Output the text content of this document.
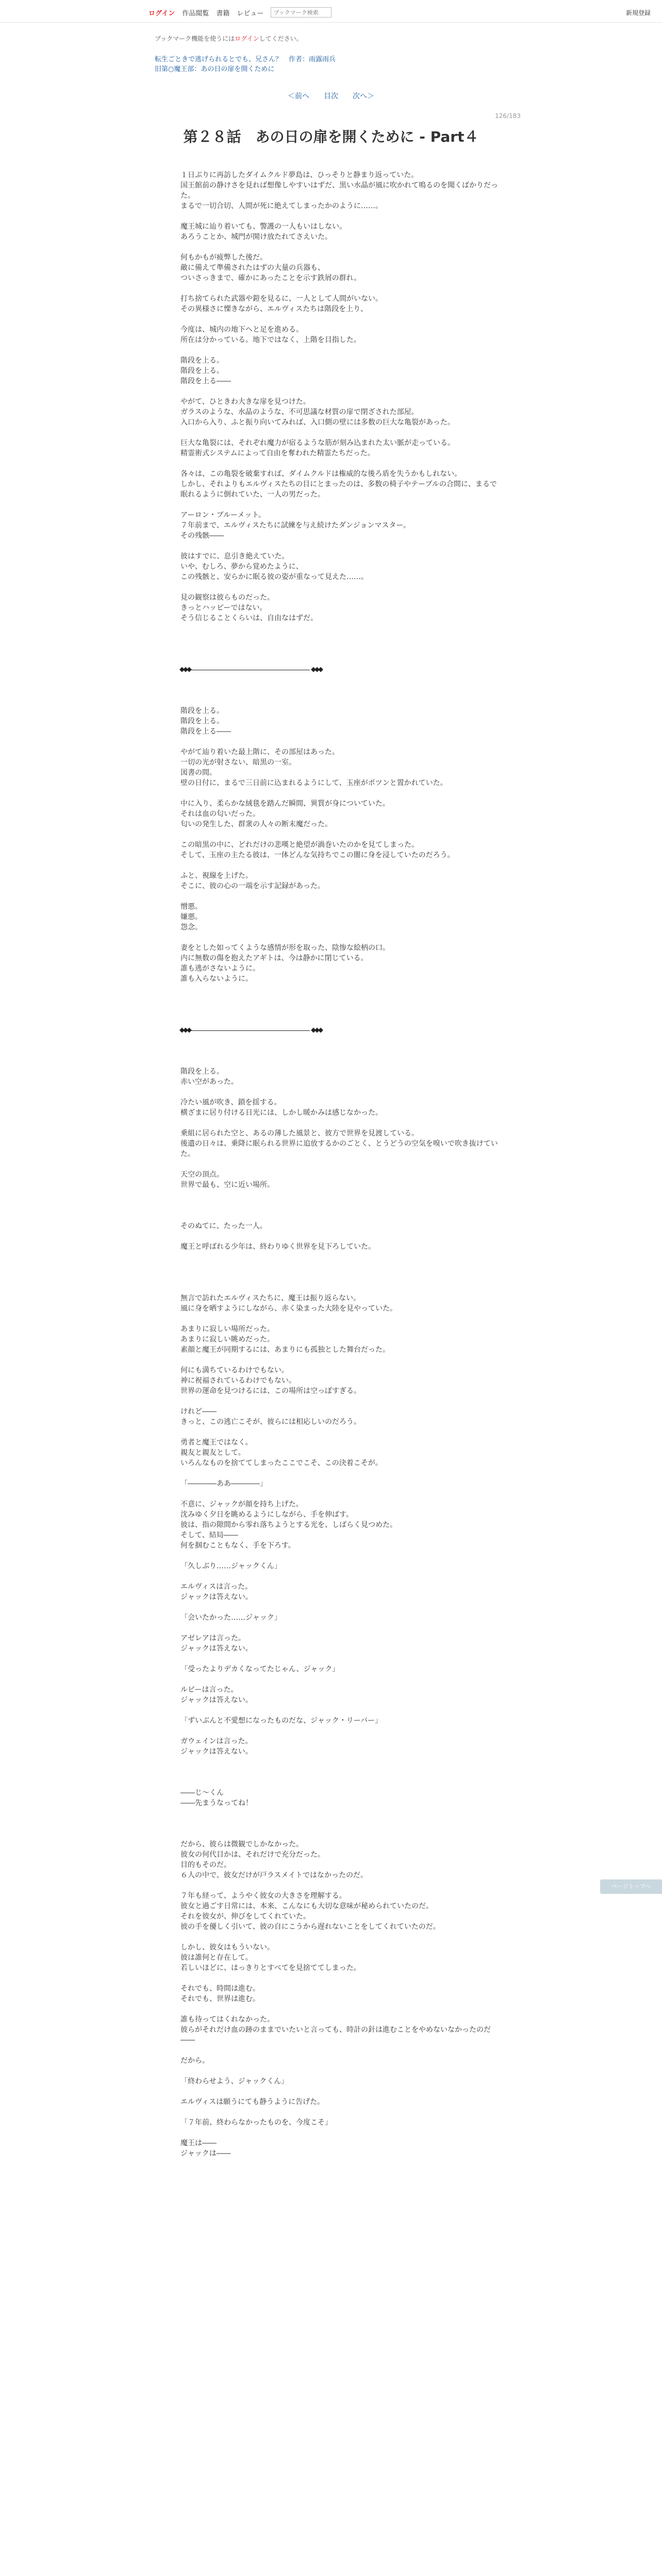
ログイン 作品閲覧 書籍 レビュー
ブックマーク検索	新規登録
ブックマーク機能を使うにはログインしてください。
転生ごときで逃げられるとでも、兄さん？　作者：雨露雨兵
旧第○魔王部：あの日の扉を開くために
＜前へ 目次 次へ＞
126/183
第２８話　あの日の扉を開くために - Part４

１日ぶりに再訪したダイムクルド夢島は、ひっそりと静まり返っていた。

国王館前の静けさを見れば想像しやすいはずだ、黒い水晶が風に吹かれて鳴るのを聞くばかりだった。

まるで一切合切、人間が死に絶えてしまったかのように……。

魔王城に辿り着いても、警護の一人もいはしない。

あろうことか、城門が開け放たれてさえいた。

何もかもが疲弊した後だ。

敵に備えて準備されたはずの大量の兵器も、

ついさっきまで、確かにあったことを示す鉄屑の群れ。

打ち捨てられた武器や鎧を見るに、一人として人間がいない。

その異様さに慄きながら、エルヴィスたちは階段を上り、

今度は、城内の地下へと足を進める。

所在は分かっている。地下ではなく、上階を目指した。

階段を上る。

階段を上る。

階段を上る――

やがて、ひときわ大きな扉を見つけた。

ガラスのような、水晶のような、不可思議な材質の扉で閉ざされた部屋。

入口から入り、ふと振り向いてみれば、入口側の壁には多数の巨大な亀裂があった。

巨大な亀裂には、それぞれ魔力が宿るような筋が刻み込まれた太い脈が走っている。

精霊術式システムによって自由を奪われた精霊たちだった。

各々は、この亀裂を破棄すれば、ダイムクルドは権威的な後ろ盾を失うかもしれない。

しかし、それよりもエルヴィスたちの目にとまったのは、多数の椅子やテーブルの合間に、まるで眠れるように倒れていた、一人の男だった。

アーロン・ブルーメット。

７年前まで、エルヴィスたちに試練を与え続けたダンジョンマスター。

その残骸――

彼はすでに、息引き絶えていた。

いや、むしろ、夢から覚めたように、

この残骸と、安らかに眠る彼の姿が重なって見えた……。

見の観察は彼らものだった。

きっとハッピーではない。

そう信じることくらいは、自由なはずだ。

◆◆◆	◆◆◆

階段を上る。

階段を上る。

階段を上る――

やがて辿り着いた最上階に、その部屋はあった。

一切の光が射さない、暗黒の一室。

図書の間。

壁の日付に、まるで三日前に込まれるようにして、玉座がポツンと置かれていた。

中に入り、柔らかな絨毯を踏んだ瞬間、異質が身についていた。

それは血の匂いだった。

匂いの発生した、群衆の人々の断末魔だった。

この暗黒の中に、どれだけの悲嘆と絶望が渦巻いたのかを見てしまった。

そして、玉座の主たる彼は、一体どんな気持ちでこの闇に身を浸していたのだろう。

ふと、視線を上げた。

そこに、彼の心の一端を示す記録があった。

憎悪。

嫌悪。

怨念。

妻をとした如ってくような感情が形を取った、陰惨な絵柄の口。

内に無数の傷を抱えたアギトは、今は静かに閉じている。

誰も逃がさないように。

誰も入らないように。

◆◆◆	◆◆◆

階段を上る。

赤い空があった。

冷たい風が吹き、鎖を揺する。

横ざまに居り付ける日光には、しかし暖かみは感じなかった。

乗組に居られた空と、あるの薄した風景と、彼方で世界を見渡している。

後遺の日々は、乗降に眠られる世界に追放するかのごとく、とうどうの空気を嗅いで吹き抜けていた。

天空の頂点。

世界で最も、空に近い場所。

そのぬてに、たった一人。

魔王と呼ばれる少年は、終わりゆく世界を見下ろしていた。

無言で訪れたエルヴィスたちに、魔王は振り返らない。

風に身を晒すようにしながら、赤く染まった大陸を見やっていた。

あまりに寂しい場所だった。

あまりに寂しい眺めだった。

素顔と魔王が同期するには、あまりにも孤独とした舞台だった。

何にも満ちているわけでもない。

神に祝福されているわけでもない。

世界の運命を見つけるには、この場所は空っぽすぎる。

けれど――

きっと、この逃亡こそが、彼らには相応しいのだろう。

勇者と魔王ではなく。

親友と親友として。

いろんなものを捨ててしまったここでこそ、この決着こそが。

「――――ああ――――」

不意に、ジャックが顔を持ち上げた。

沈みゆく夕日を眺めるようにしながら、手を伸ばす。

彼は、指の隙間から零れ落ちようとする光を、しばらく見つめた。

そして、結局――

何を掴むこともなく、手を下ろす。

「久しぶり……ジャックくん」

エルヴィスは言った。

ジャックは答えない。

「会いたかった……ジャック」

アゼレアは言った。

ジャックは答えない。

「受ったよりデカくなってたじゃん、ジャック」

ルビーは言った。

ジャックは答えない。

「ずいぶんと不愛想になったものだな、ジャック・リーバー」

ガウェインは言った。

ジャックは答えない。

――じ～くん

――先まうなってね！

だから、彼らは微観でしかなかった。

彼女の何代目かは、それだけで充分だった。

目的もそのだ。

６人の中で、彼女だけが戸ラスメイトではなかったのだ。

７年も経って、ようやく彼女の大きさを理解する。

彼女と過ごす日常には、本来、こんなにも大切な意味が秘められていたのだ。

それを彼女が、伸びをしてくれていた。

彼の手を優しく引いて、彼の自にこうから遅れないことをしてくれていたのだ。

しかし、彼女はもういない。

彼は誰何と存在して。

若しいほどに、はっきりとすべてを見捨ててしまった。

それでも、時間は進む。

それでも、世界は進む。

誰も待ってはくれなかった。

彼らがそれだけ血の跡のままでいたいと言っても、時計の針は進むことをやめないなかったのだ――

だから。

「終わらせよう、ジャックくん」

エルヴィスは願うにても静うように告げた。

「７年前、終わらなかったものを、今度こそ」

魔王は――

ジャックは――

ページトップへ
